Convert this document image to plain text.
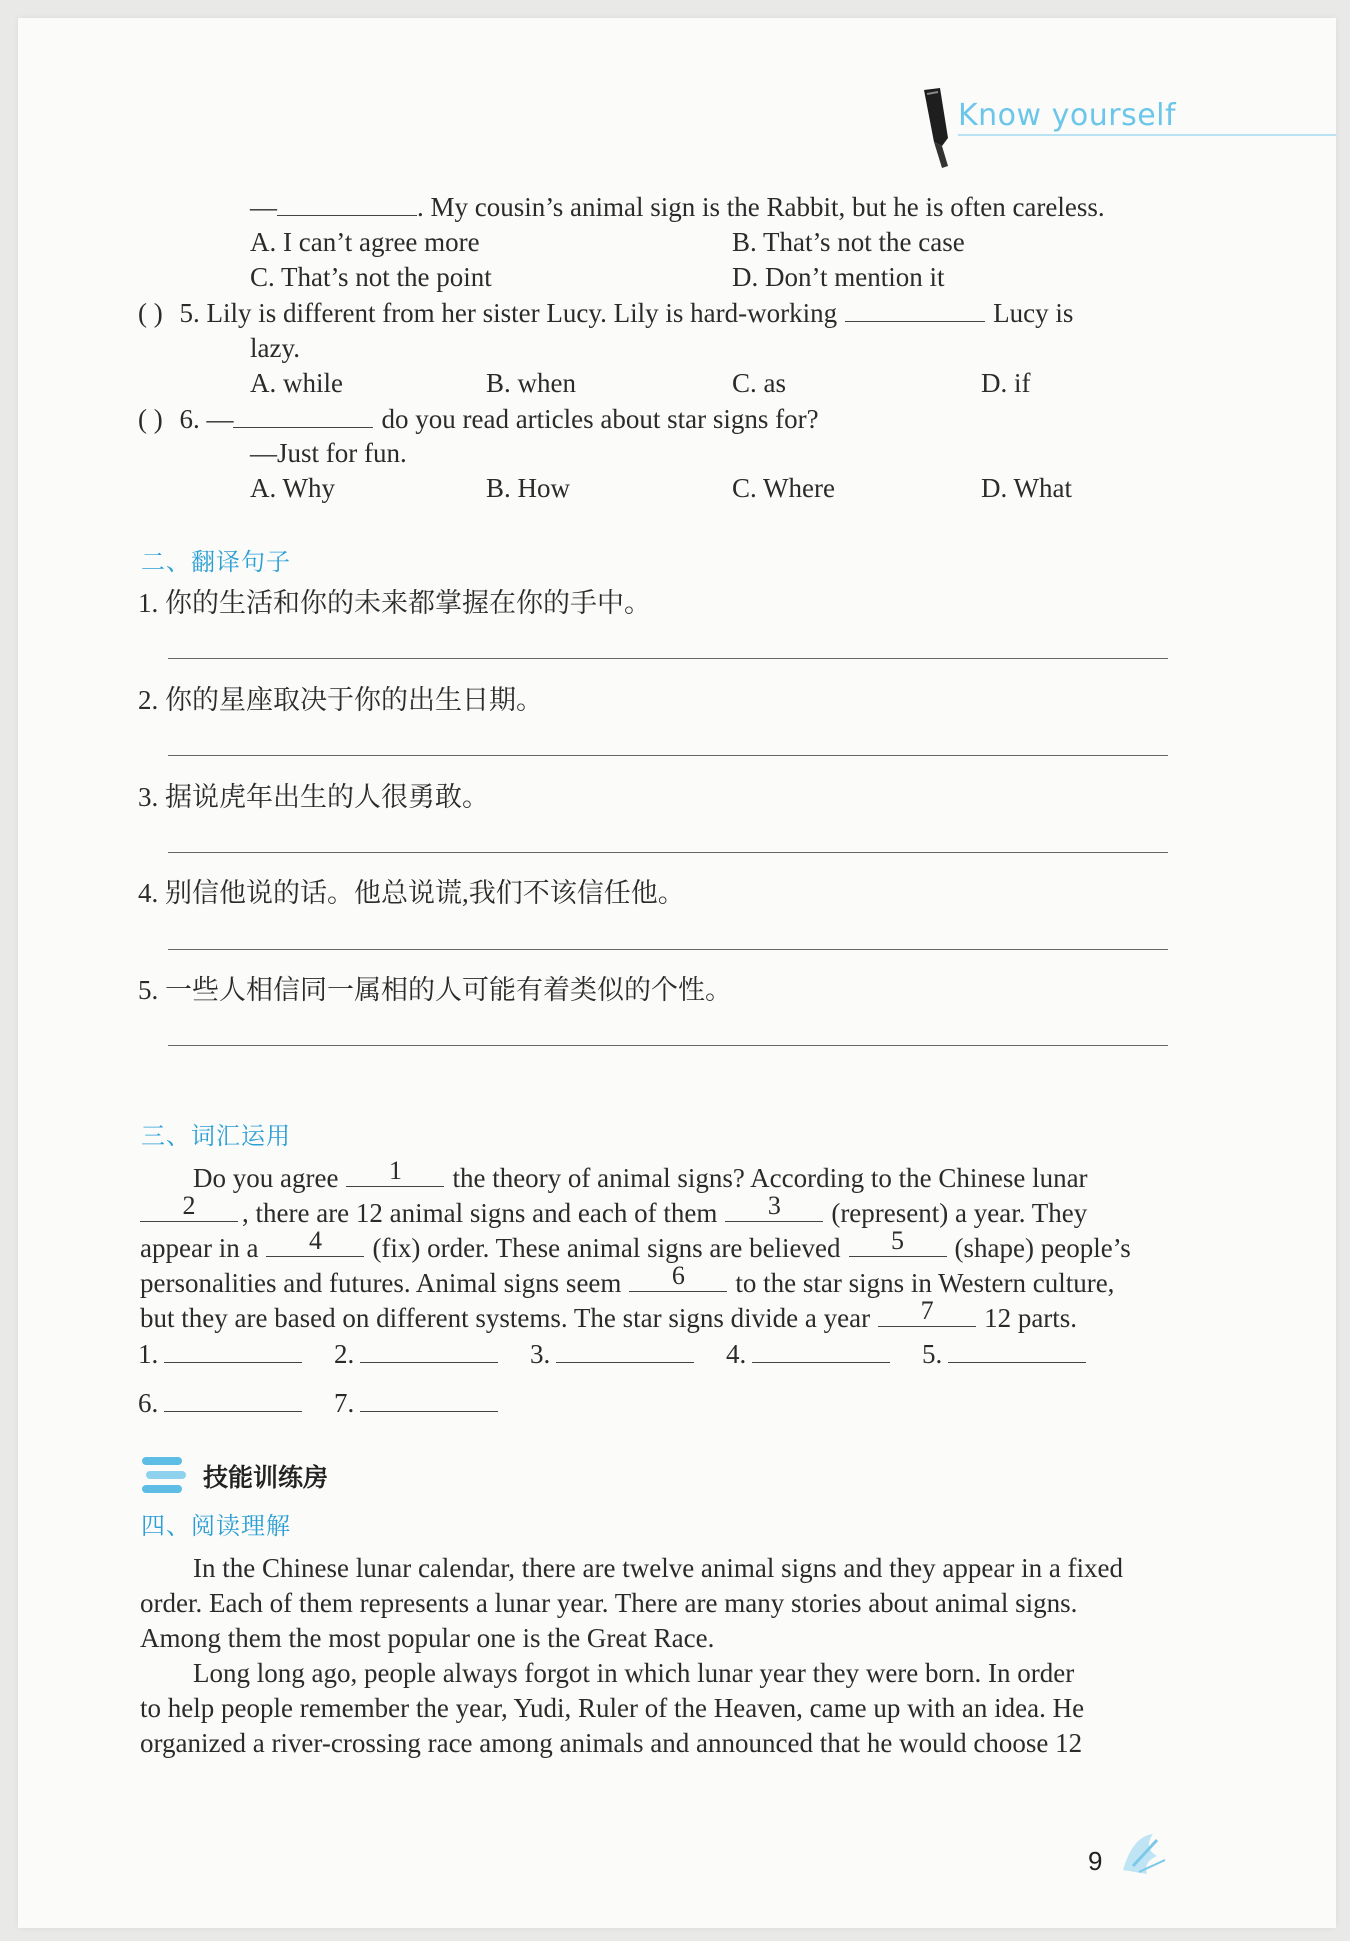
Know yourself
—	. My cousin’s animal sign is the Rabbit, but he is often careless.
A. I can’t agree more	B. That’s not the case
C. That’s not the point	D. Don’t mention it
( ) 5. Lily is different from her sister Lucy. Lily is hard-working	Lucy is
lazy.
A. while	B. when	C. as	D. if
( ) 6. —	do you read articles about star signs for?
—Just for fun.
A. Why	B. How	C. Where	D. What
二、翻译句子
1. 你的生活和你的未来都掌握在你的手中。
2. 你的星座取决于你的出生日期。
3. 据说虎年出生的人很勇敢。
4. 别信他说的话。他总说谎,我们不该信任他。
5. 一些人相信同一属相的人可能有着类似的个性。
三、词汇运用
Do you agree	1	the theory of animal signs? According to the Chinese lunar
2	, there are 12 animal signs and each of them	3	(represent) a year. They
appear in a	4	(fix) order. These animal signs are believed	5	(shape) people’s
personalities and futures. Animal signs seem	6	to the star signs in Western culture,
but they are based on different systems. The star signs divide a year	7	12 parts.
1.	2.	3.	4.	5.
6.	7.
技能训练房
四、阅读理解
In the Chinese lunar calendar, there are twelve animal signs and they appear in a fixed
order. Each of them represents a lunar year. There are many stories about animal signs.
Among them the most popular one is the Great Race.
Long long ago, people always forgot in which lunar year they were born. In order
to help people remember the year, Yudi, Ruler of the Heaven, came up with an idea. He
organized a river-crossing race among animals and announced that he would choose 12
9
